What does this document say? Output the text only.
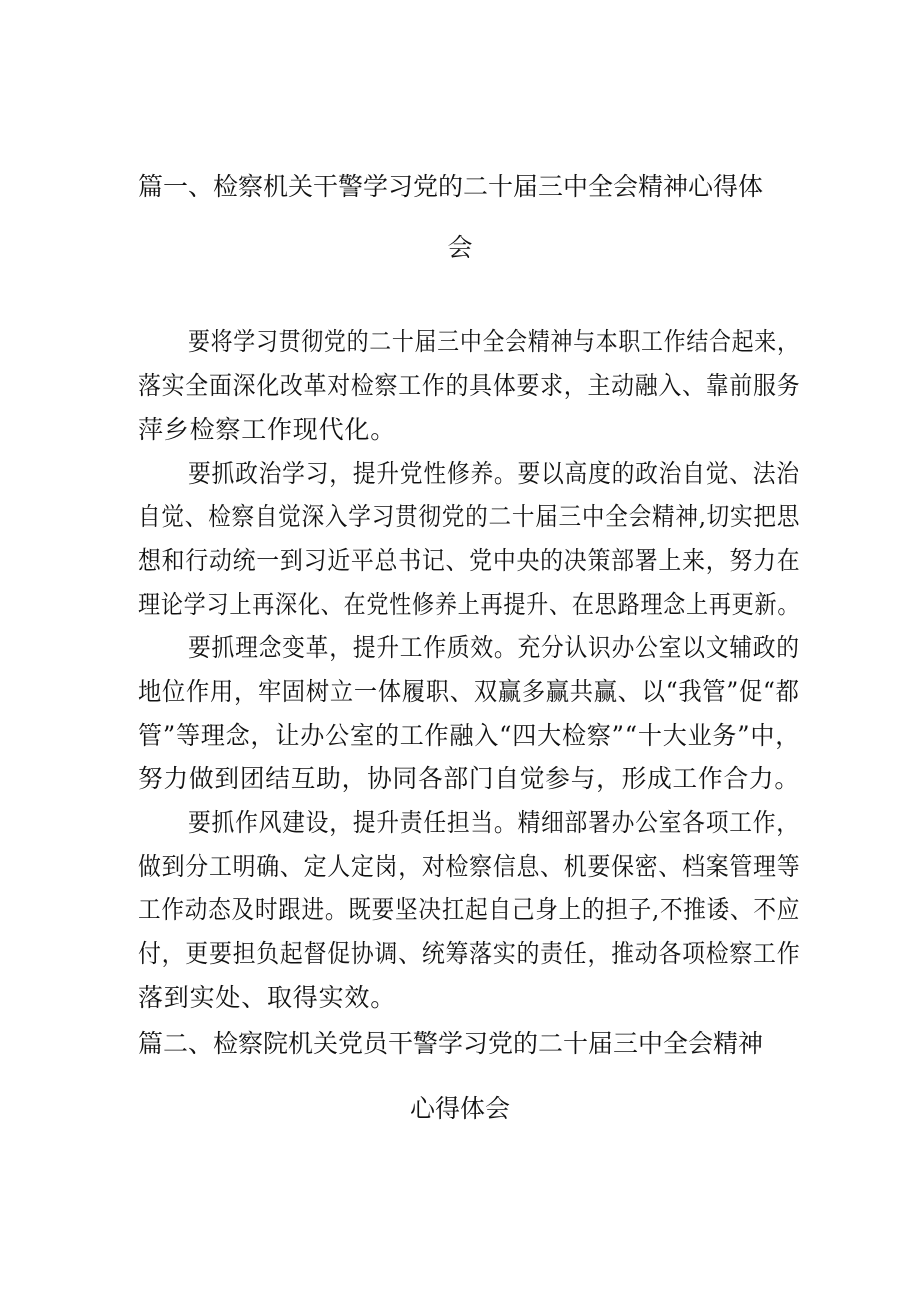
篇一、检察机关干警学习党的二十届三中全会精神心得体
会
要将学习贯彻党的二十届三中全会精神与本职工作结合起来，
落实全面深化改革对检察工作的具体要求，主动融入、靠前服务
萍乡检察工作现代化。
要抓政治学习，提升党性修养。要以高度的政治自觉、法治
自觉、检察自觉深入学习贯彻党的二十届三中全会精神,切实把思
想和行动统一到习近平总书记、党中央的决策部署上来，努力在
理论学习上再深化、在党性修养上再提升、在思路理念上再更新。
要抓理念变革，提升工作质效。充分认识办公室以文辅政的
地位作用，牢固树立一体履职、双赢多赢共赢、以“我管”促“都
管”等理念，让办公室的工作融入“四大检察”“十大业务”中，
努力做到团结互助，协同各部门自觉参与，形成工作合力。
要抓作风建设，提升责任担当。精细部署办公室各项工作，
做到分工明确、定人定岗，对检察信息、机要保密、档案管理等
工作动态及时跟进。既要坚决扛起自己身上的担子,不推诿、不应
付，更要担负起督促协调、统筹落实的责任，推动各项检察工作
落到实处、取得实效。
篇二、检察院机关党员干警学习党的二十届三中全会精神
心得体会
